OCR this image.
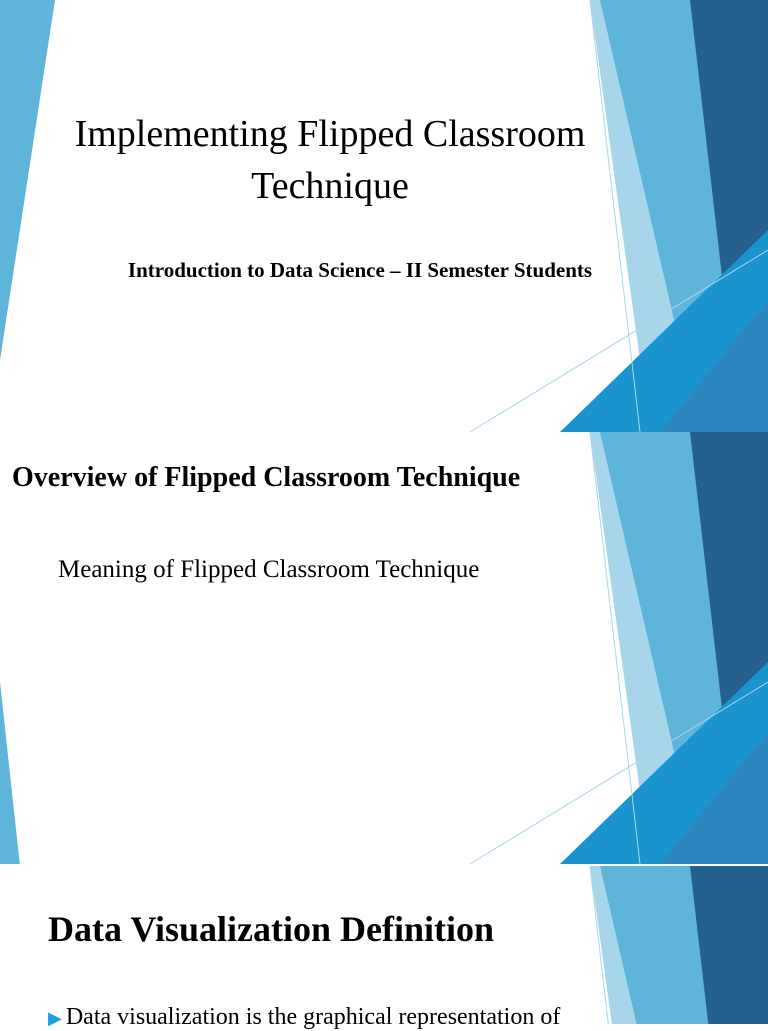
Implementing Flipped Classroom
Technique
Introduction to Data Science – II Semester Students
Overview of Flipped Classroom Technique
Meaning of Flipped Classroom Technique
Data Visualization Definition
▶ Data visualization is the graphical representation of
